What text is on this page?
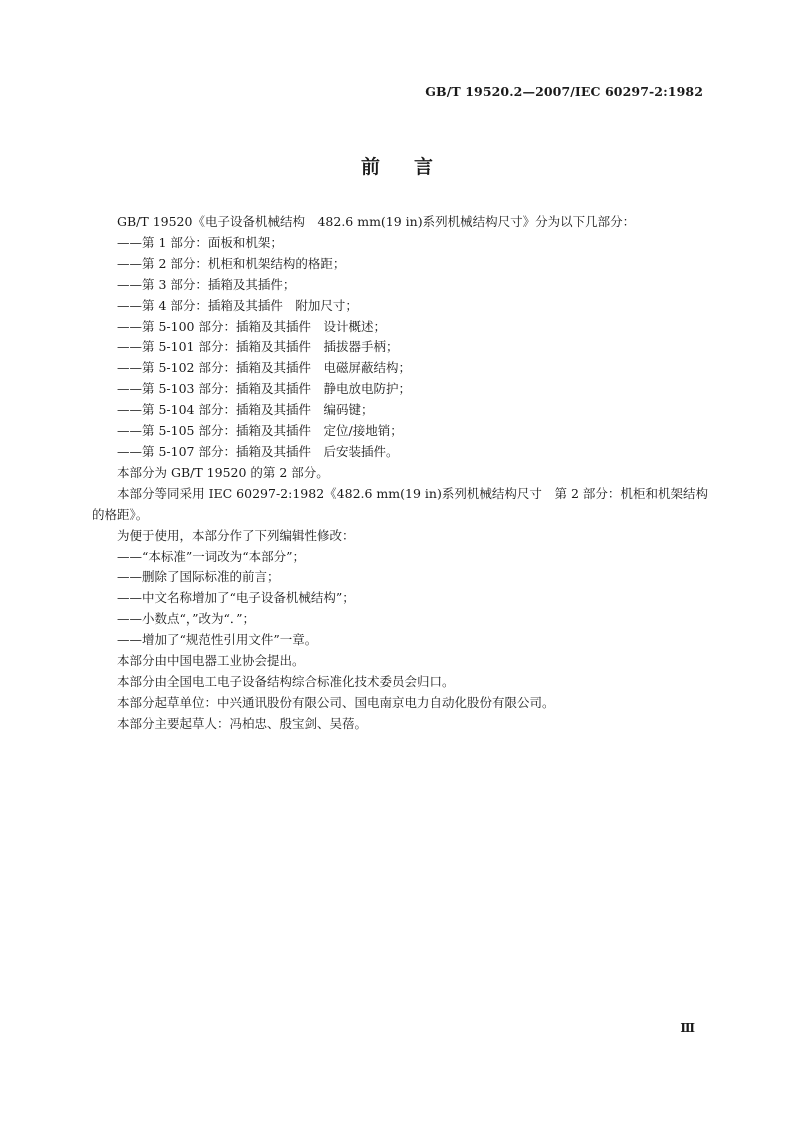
GB/T 19520.2—2007/IEC 60297-2:1982
前言

GB/T 19520《电子设备机械结构　482.6 mm(19 in)系列机械结构尺寸》分为以下几部分：

——第 1 部分：面板和机架；

——第 2 部分：机柜和机架结构的格距；

——第 3 部分：插箱及其插件；

——第 4 部分：插箱及其插件　附加尺寸；

——第 5-100 部分：插箱及其插件　设计概述；

——第 5-101 部分：插箱及其插件　插拔器手柄；

——第 5-102 部分：插箱及其插件　电磁屏蔽结构；

——第 5-103 部分：插箱及其插件　静电放电防护；

——第 5-104 部分：插箱及其插件　编码键；

——第 5-105 部分：插箱及其插件　定位/接地销；

——第 5-107 部分：插箱及其插件　后安装插件。

本部分为 GB/T 19520 的第 2 部分。

本部分等同采用 IEC 60297-2:1982《482.6 mm(19 in)系列机械结构尺寸　第 2 部分：机柜和机架结构的格距》。

为便于使用，本部分作了下列编辑性修改：

——“本标准”一词改为“本部分”；

——删除了国际标准的前言；

——中文名称增加了“电子设备机械结构”；

——小数点“，”改为“．”；

——增加了“规范性引用文件”一章。

本部分由中国电器工业协会提出。

本部分由全国电工电子设备结构综合标准化技术委员会归口。

本部分起草单位：中兴通讯股份有限公司、国电南京电力自动化股份有限公司。

本部分主要起草人：冯柏忠、殷宝剑、吴蓓。

Ⅲ
